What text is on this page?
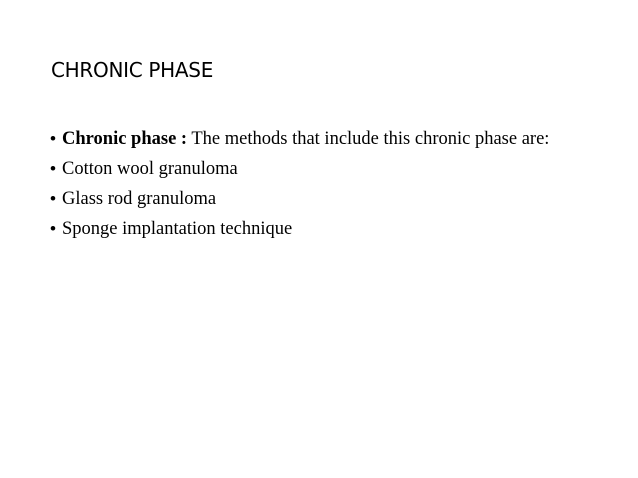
CHRONIC PHASE
• Chronic phase : The methods that include this chronic phase are:
• Cotton wool granuloma
• Glass rod granuloma
• Sponge implantation technique
